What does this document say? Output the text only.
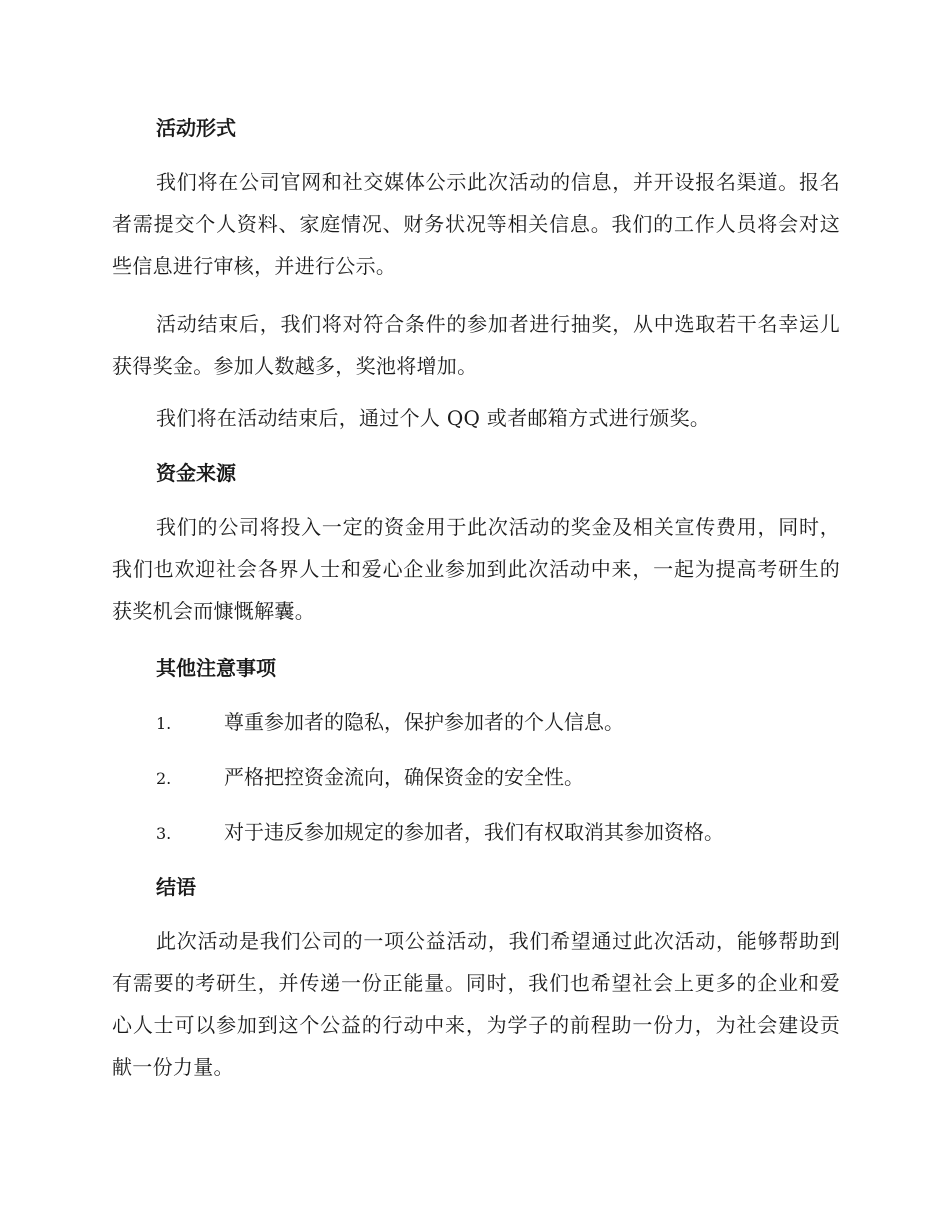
活动形式
我们将在公司官网和社交媒体公示此次活动的信息，并开设报名渠道。报名者需提交个人资料、家庭情况、财务状况等相关信息。我们的工作人员将会对这些信息进行审核，并进行公示。
活动结束后，我们将对符合条件的参加者进行抽奖，从中选取若干名幸运儿获得奖金。参加人数越多，奖池将增加。
我们将在活动结束后，通过个人 QQ 或者邮箱方式进行颁奖。
资金来源
我们的公司将投入一定的资金用于此次活动的奖金及相关宣传费用，同时，我们也欢迎社会各界人士和爱心企业参加到此次活动中来，一起为提高考研生的获奖机会而慷慨解囊。
其他注意事项
1.	尊重参加者的隐私，保护参加者的个人信息。
2.	严格把控资金流向，确保资金的安全性。
3.	对于违反参加规定的参加者，我们有权取消其参加资格。
结语
此次活动是我们公司的一项公益活动，我们希望通过此次活动，能够帮助到有需要的考研生，并传递一份正能量。同时，我们也希望社会上更多的企业和爱心人士可以参加到这个公益的行动中来，为学子的前程助一份力，为社会建设贡献一份力量。
